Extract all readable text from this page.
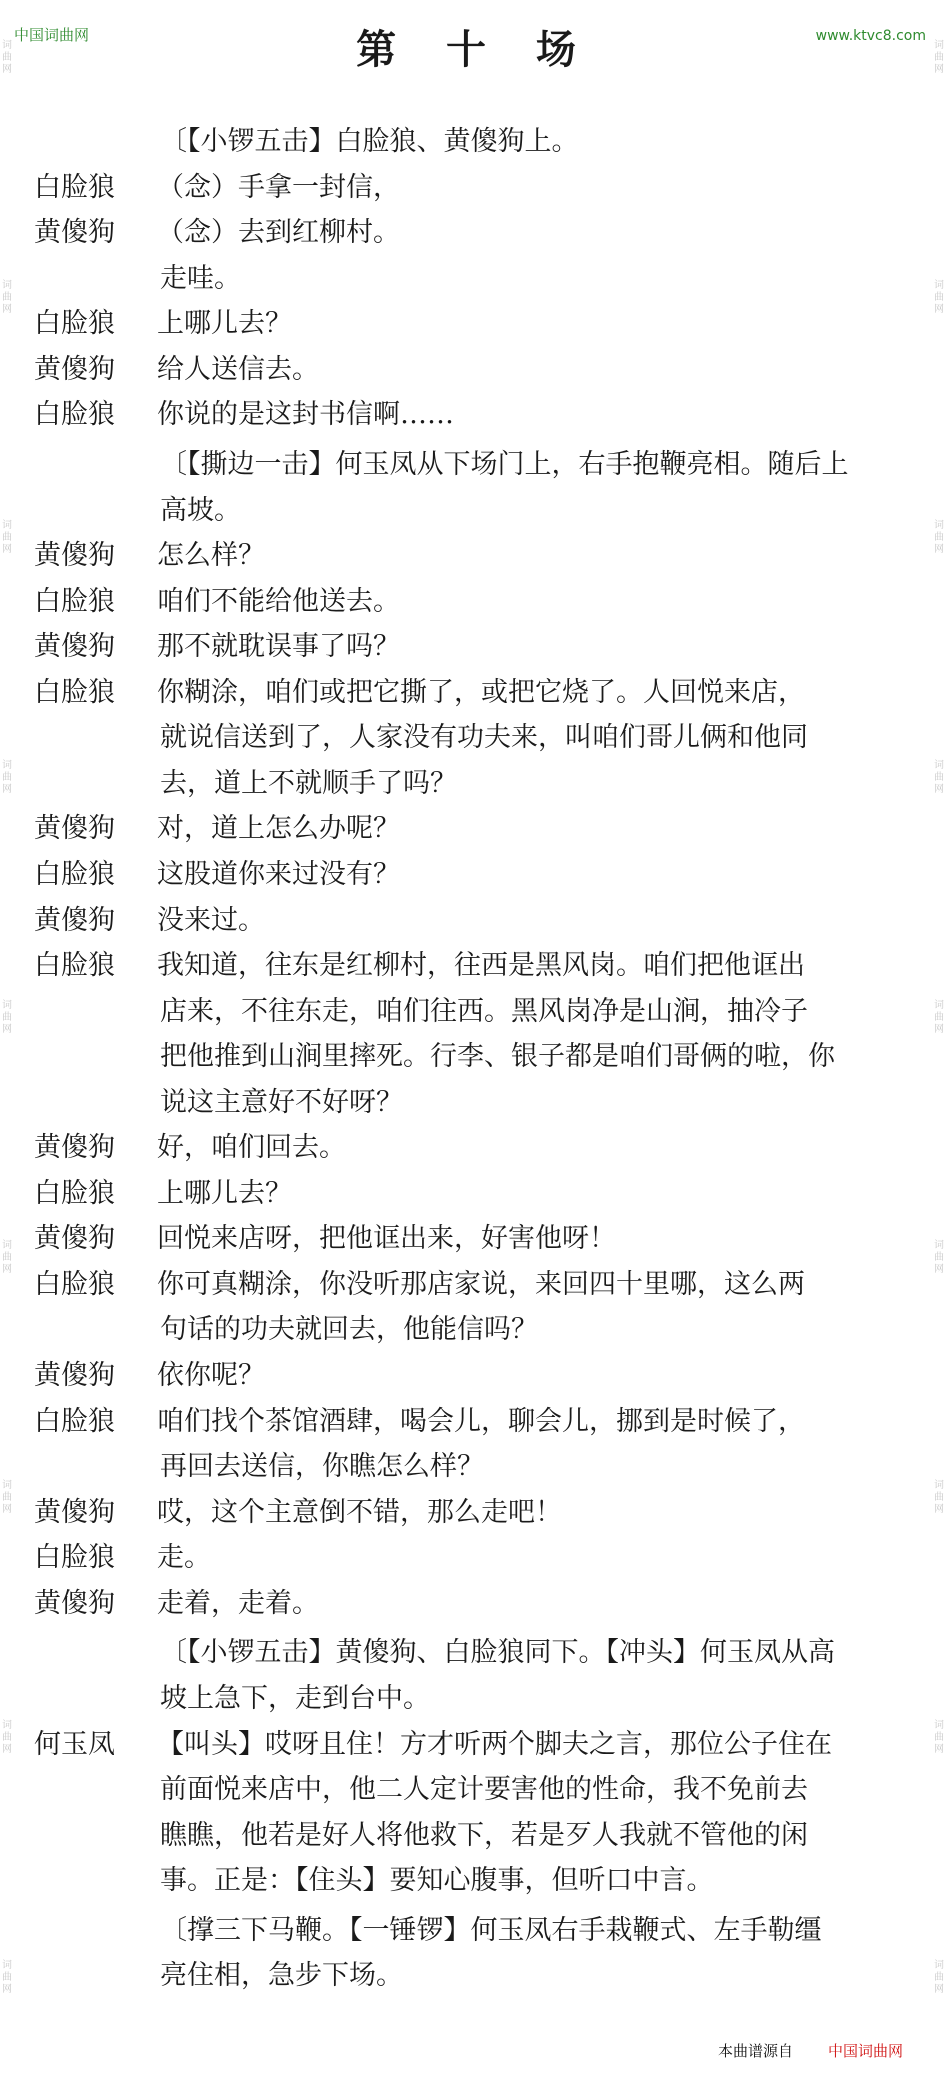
中国词曲网	第 十 场	www.ktvc8.com
〔【小锣五击】白脸狼、黄傻狗上。
白脸狼 （念）手拿一封信，
黄傻狗 （念）去到红柳村。
走哇。
白脸狼 上哪儿去？
黄傻狗 给人送信去。
白脸狼 你说的是这封书信啊……
〔【撕边一击】何玉凤从下场门上，右手抱鞭亮相。随后上
高坡。
黄傻狗 怎么样？
白脸狼 咱们不能给他送去。
黄傻狗 那不就耽误事了吗？
白脸狼 你糊涂，咱们或把它撕了，或把它烧了。人回悦来店，
就说信送到了，人家没有功夫来，叫咱们哥儿俩和他同
去，道上不就顺手了吗？
黄傻狗 对，道上怎么办呢？
白脸狼 这股道你来过没有？
黄傻狗 没来过。
白脸狼 我知道，往东是红柳村，往西是黑风岗。咱们把他诓出
店来，不往东走，咱们往西。黑风岗净是山涧，抽冷子
把他推到山涧里摔死。行李、银子都是咱们哥俩的啦，你
说这主意好不好呀？
黄傻狗 好，咱们回去。
白脸狼 上哪儿去？
黄傻狗 回悦来店呀，把他诓出来，好害他呀！
白脸狼 你可真糊涂，你没听那店家说，来回四十里哪，这么两
句话的功夫就回去，他能信吗？
黄傻狗 依你呢？
白脸狼 咱们找个茶馆酒肆，喝会儿，聊会儿，挪到是时候了，
再回去送信，你瞧怎么样？
黄傻狗 哎，这个主意倒不错，那么走吧！
白脸狼 走。
黄傻狗 走着，走着。
〔【小锣五击】黄傻狗、白脸狼同下。【冲头】何玉凤从高
坡上急下，走到台中。
何玉凤 【叫头】哎呀且住！方才听两个脚夫之言，那位公子住在
前面悦来店中，他二人定计要害他的性命，我不免前去
瞧瞧，他若是好人将他救下，若是歹人我就不管他的闲
事。正是：【住头】要知心腹事，但听口中言。
〔撑三下马鞭。【一锤锣】何玉凤右手栽鞭式、左手勒缰
亮住相，急步下场。
本曲谱源自 中国词曲网
词曲网
词曲网
词曲网
词曲网
词曲网
词曲网
词曲网
词曲网
词曲网
词曲网
词曲网
词曲网
词曲网
词曲网
词曲网
词曲网
词曲网
词曲网
